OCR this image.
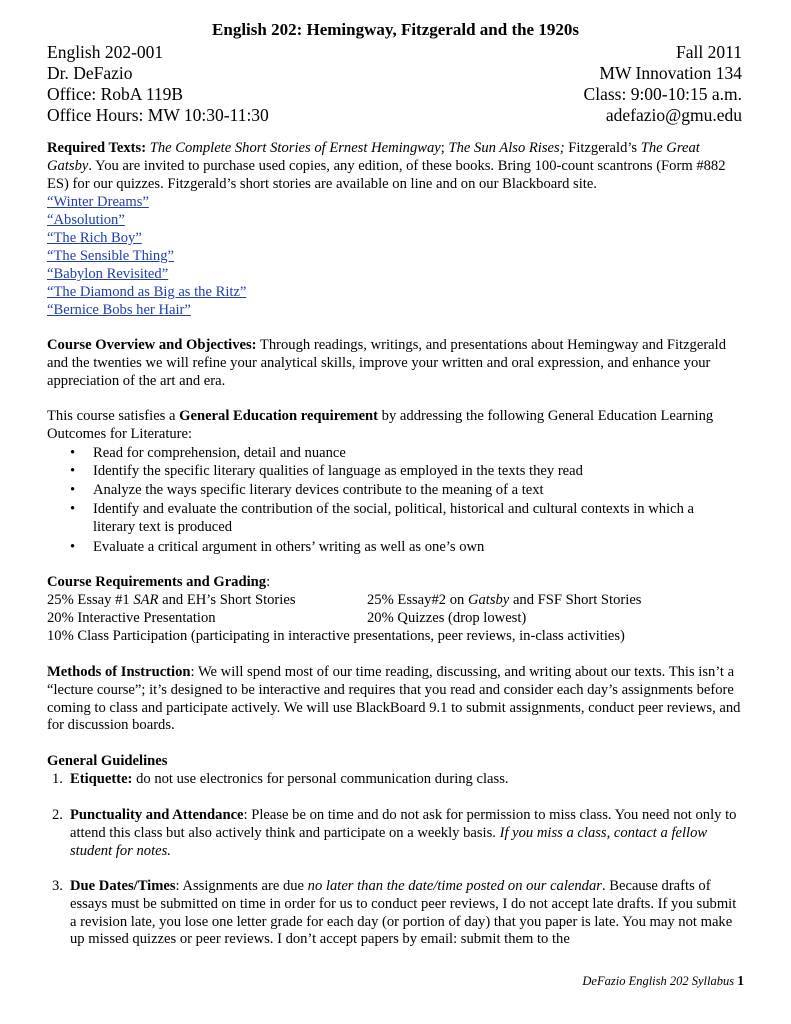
English 202: Hemingway, Fitzgerald and the 1920s
English 202-001	Fall 2011
Dr. DeFazio	MW Innovation 134
Office: RobA 119B	Class: 9:00-10:15 a.m.
Office Hours: MW 10:30-11:30	adefazio@gmu.edu
Required Texts: The Complete Short Stories of Ernest Hemingway; The Sun Also Rises; Fitzgerald’s The Great Gatsby. You are invited to purchase used copies, any edition, of these books. Bring 100-count scantrons (Form #882 ES) for our quizzes. Fitzgerald’s short stories are available on line and on our Blackboard site.
“Winter Dreams”
“Absolution”
“The Rich Boy”
“The Sensible Thing”
“Babylon Revisited”
“The Diamond as Big as the Ritz”
“Bernice Bobs her Hair”
Course Overview and Objectives: Through readings, writings, and presentations about Hemingway and Fitzgerald and the twenties we will refine your analytical skills, improve your written and oral expression, and enhance your appreciation of the art and era.
This course satisfies a General Education requirement by addressing the following General Education Learning Outcomes for Literature:
•	Read for comprehension, detail and nuance
•	Identify the specific literary qualities of language as employed in the texts they read
•	Analyze the ways specific literary devices contribute to the meaning of a text
•	Identify and evaluate the contribution of the social, political, historical and cultural contexts in which a literary text is produced
•	Evaluate a critical argument in others’ writing as well as one’s own
Course Requirements and Grading:
25% Essay #1 SAR and EH’s Short Stories	25% Essay#2 on Gatsby and FSF Short Stories
20% Interactive Presentation	20% Quizzes (drop lowest)
10% Class Participation (participating in interactive presentations, peer reviews, in-class activities)
Methods of Instruction: We will spend most of our time reading, discussing, and writing about our texts. This isn’t a “lecture course”; it’s designed to be interactive and requires that you read and consider each day’s assignments before coming to class and participate actively. We will use BlackBoard 9.1 to submit assignments, conduct peer reviews, and for discussion boards.
General Guidelines
1. Etiquette: do not use electronics for personal communication during class.
2. Punctuality and Attendance: Please be on time and do not ask for permission to miss class. You need not only to attend this class but also actively think and participate on a weekly basis. If you miss a class, contact a fellow student for notes.
3. Due Dates/Times: Assignments are due no later than the date/time posted on our calendar. Because drafts of essays must be submitted on time in order for us to conduct peer reviews, I do not accept late drafts. If you submit a revision late, you lose one letter grade for each day (or portion of day) that you paper is late. You may not make up missed quizzes or peer reviews. I don’t accept papers by email: submit them to the
DeFazio English 202 Syllabus 1
